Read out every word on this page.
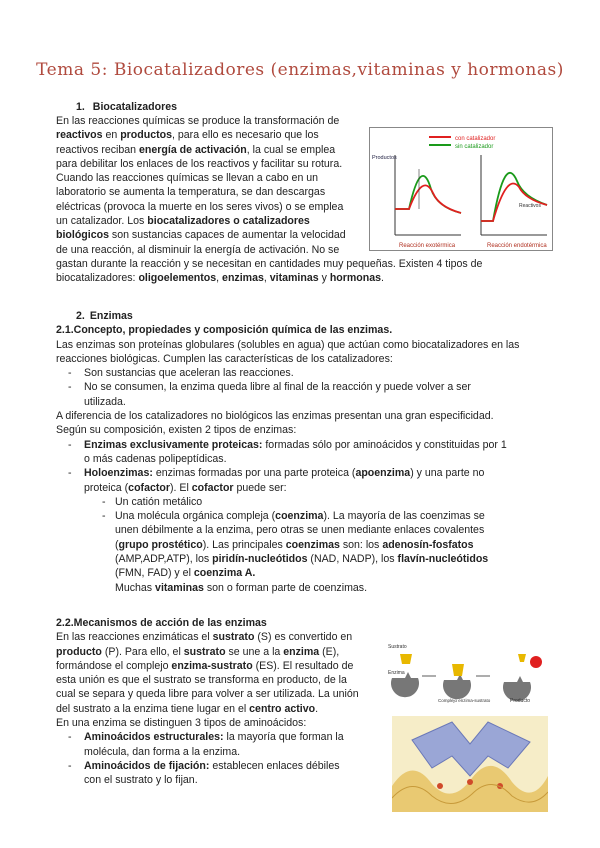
Tema 5: Biocatalizadores (enzimas,vitaminas y hormonas)
1. Biocatalizadores
En las reacciones químicas se produce la transformación de
reactivos en productos, para ello es necesario que los
reactivos reciban energía de activación, la cual se emplea
para debilitar los enlaces de los reactivos y facilitar su rotura.
Cuando las reacciones químicas se llevan a cabo en un
laboratorio se aumenta la temperatura, se dan descargas
eléctricas (provoca la muerte en los seres vivos) o se emplea
un catalizador. Los biocatalizadores o catalizadores
biológicos son sustancias capaces de aumentar la velocidad
de una reacción, al disminuir la energía de activación. No se
gastan durante la reacción y se necesitan en cantidades muy pequeñas. Existen 4 tipos de
biocatalizadores: oligoelementos, enzimas, vitaminas y hormonas.
con catalizador
sin catalizador
Productos
Reacción exotérmica
Reactivos
Reacción endotérmica
2. Enzimas
2.1.Concepto, propiedades y composición química de las enzimas.
Las enzimas son proteínas globulares (solubles en agua) que actúan como biocatalizadores en las
reacciones biológicas. Cumplen las características de los catalizadores:
- Son sustancias que aceleran las reacciones.
- No se consumen, la enzima queda libre al final de la reacción y puede volver a ser
utilizada.
A diferencia de los catalizadores no biológicos las enzimas presentan una gran especificidad.
Según su composición, existen 2 tipos de enzimas:
- Enzimas exclusivamente proteicas: formadas sólo por aminoácidos y constituidas por 1
o más cadenas polipeptídicas.
- Holoenzimas: enzimas formadas por una parte proteica (apoenzima) y una parte no
proteica (cofactor). El cofactor puede ser:
- Un catión metálico
- Una molécula orgánica compleja (coenzima). La mayoría de las coenzimas se
unen débilmente a la enzima, pero otras se unen mediante enlaces covalentes
(grupo prostético). Las principales coenzimas son: los adenosín-fosfatos
(AMP,ADP,ATP), los piridín-nucleótidos (NAD, NADP), los flavín-nucleótidos
(FMN, FAD) y el coenzima A.
Muchas vitaminas son o forman parte de coenzimas.
2.2.Mecanismos de acción de las enzimas
En las reacciones enzimáticas el sustrato (S) es convertido en
producto (P). Para ello, el sustrato se une a la enzima (E),
formándose el complejo enzima-sustrato (ES). El resultado de
esta unión es que el sustrato se transforma en producto, de la
cual se separa y queda libre para volver a ser utilizada. La unión
del sustrato a la enzima tiene lugar en el centro activo.
En una enzima se distinguen 3 tipos de aminoácidos:
- Aminoácidos estructurales: la mayoría que forman la
molécula, dan forma a la enzima.
- Aminoácidos de fijación: establecen enlaces débiles
con el sustrato y lo fijan.
Sustrato
Enzima
Complejo enzima-sustrato	Producto
